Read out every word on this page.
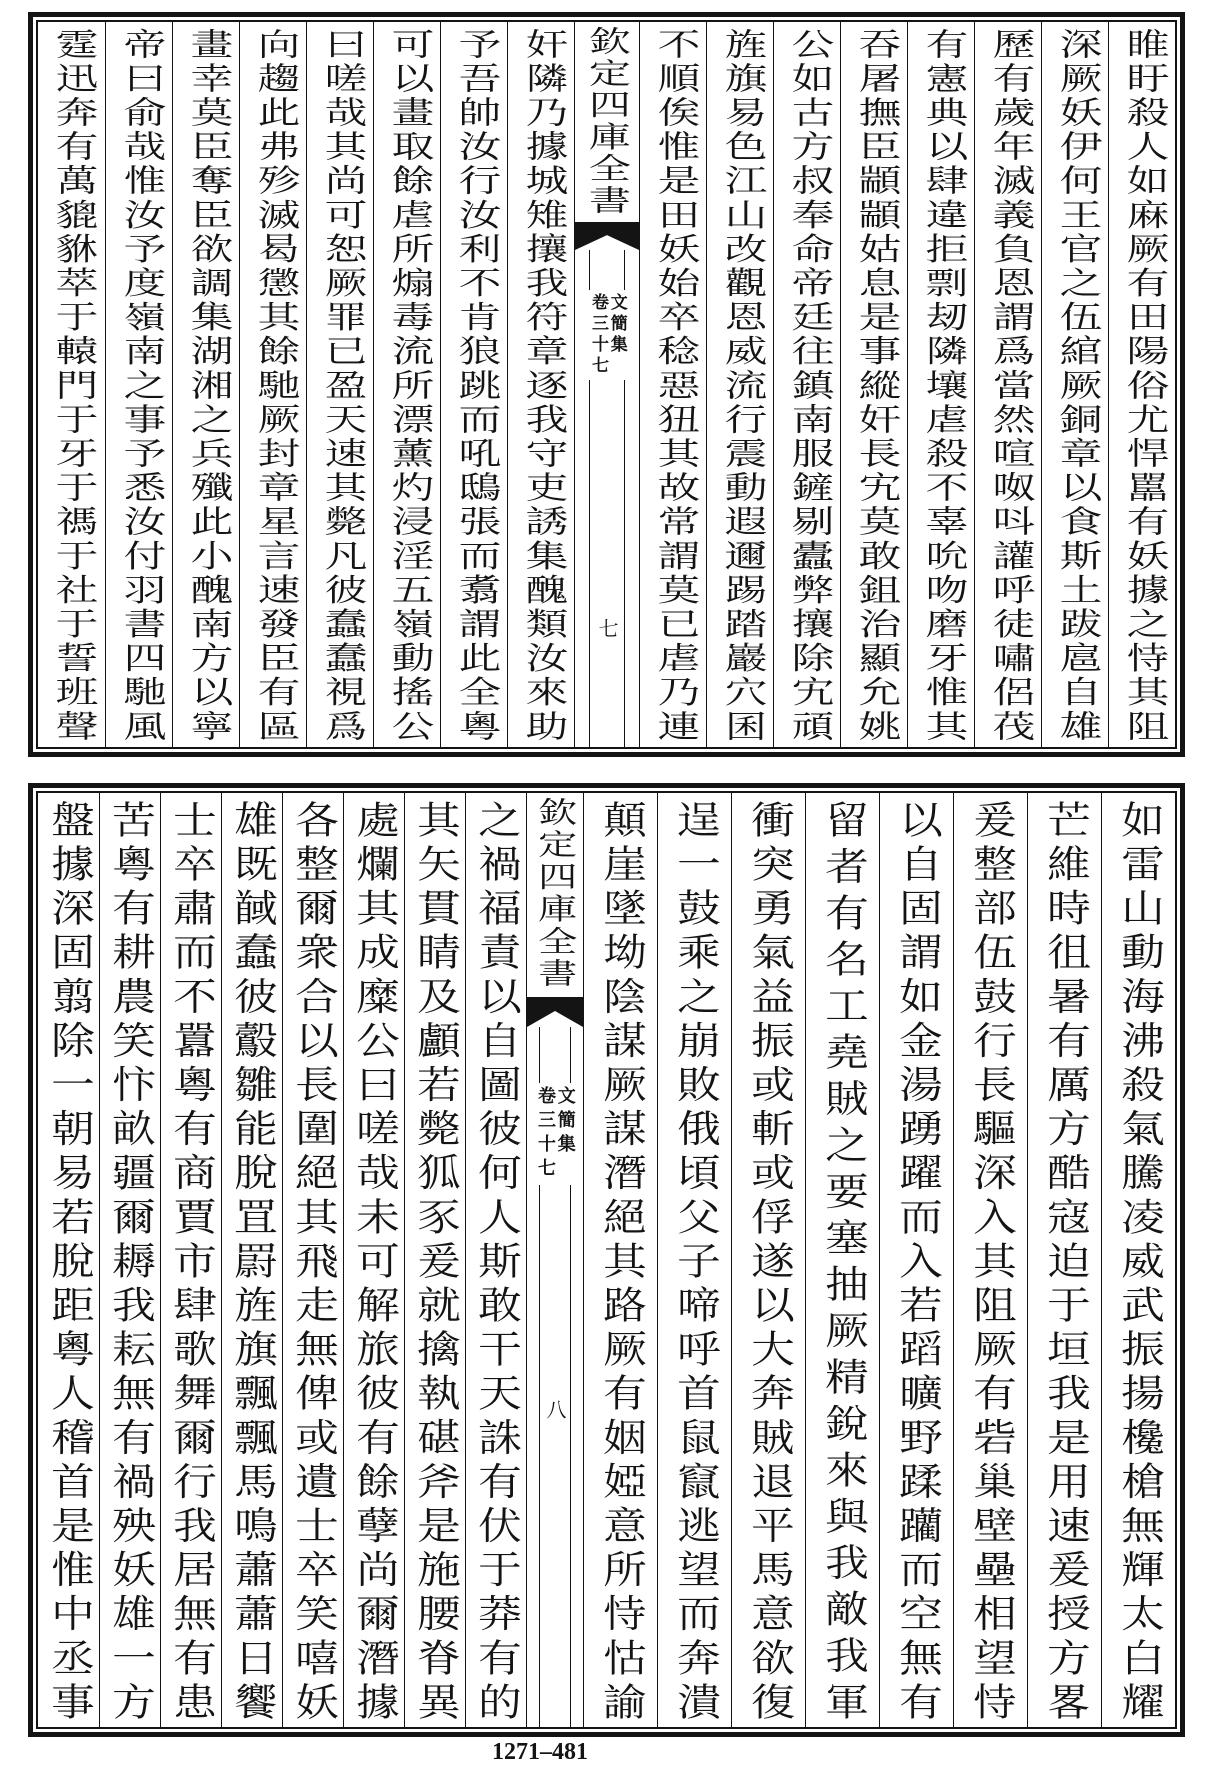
睢盱殺人如麻厥有田陽俗尤悍嚚有妖據之恃其阻
深厥妖伊何王官之伍綰厥銅章以食斯土跋扈自雄
歷有歲年滅義負恩謂爲當然喧呶呌讙呼徒嘯侶茷
有憲典以肆違拒剽刼隣壤虐殺不辜吮吻磨牙惟其
吞屠撫臣顓顓姑息是事縱奸長宄莫敢鉏治顯允姚
公如古方叔奉命帝廷往鎮南服鏟剔蠹弊攘除宄頑
旌旗易色江山改觀恩威流行震動遐邇踢踏巖穴囷
不順俟惟是田妖始卒稔惡狃其故常謂莫已虐乃連
欽定四庫全書
文簡集
卷三十七
七
奸隣乃據城雉攘我符章逐我守吏誘集醜類汝來助
予吾帥汝行汝利不肯狼跳而吼鴟張而翥謂此全粵
可以畫取餘虐所煽毒流所漂薰灼浸淫五嶺動搖公
曰嗟哉其尚可恕厥罪已盈天速其斃凡彼蠢蠢視爲
向趨此弗殄滅曷懲其餘馳厥封章星言速發臣有區
畫幸莫臣奪臣欲調集湖湘之兵殲此小醜南方以寧
帝曰俞哉惟汝予度嶺南之事予悉汝付羽書四馳風
霆迅奔有萬貔貅萃于轅門于牙于禡于社于誓班聲
如雷山動海沸殺氣騰凌威武振揚欃槍無輝太白耀
芒維時徂暑有厲方酷寇迫于垣我是用速爰授方畧
爰整部伍鼓行長驅深入其阻厥有砦巢壁壘相望恃
以自固謂如金湯踴躍而入若蹈曠野蹂躪而空無有
留者有名工堯賊之要塞抽厥精銳來與我敵我軍
衝突勇氣益振或斬或俘遂以大奔賊退平馬意欲復
逞一鼓乘之崩敗俄頃父子啼呼首鼠竄逃望而奔潰
顛崖墜坳陰謀厥謀潛絕其路厥有姻婭意所恃怙諭
欽定四庫全書
文簡集
卷三十七
八
之禍福責以自圖彼何人斯敢干天誅有伏于莽有的
其矢貫睛及顱若斃狐豕爰就擒執碪斧是施腰脊異
處爛其成糜公曰嗟哉未可解旅彼有餘孽尚爾潛據
各整爾衆合以長圍絕其飛走無俾或遺士卒笑嘻妖
雄既馘蠢彼鷇雛能脫罝罻旌旗飄飄馬鳴蕭蕭日饗
士卒肅而不囂粵有商賈市肆歌舞爾行我居無有患
苦粵有耕農笑忭畝疆爾耨我耘無有禍殃妖雄一方
盤據深固翦除一朝易若脫距粵人稽首是惟中丞事
1271–481
